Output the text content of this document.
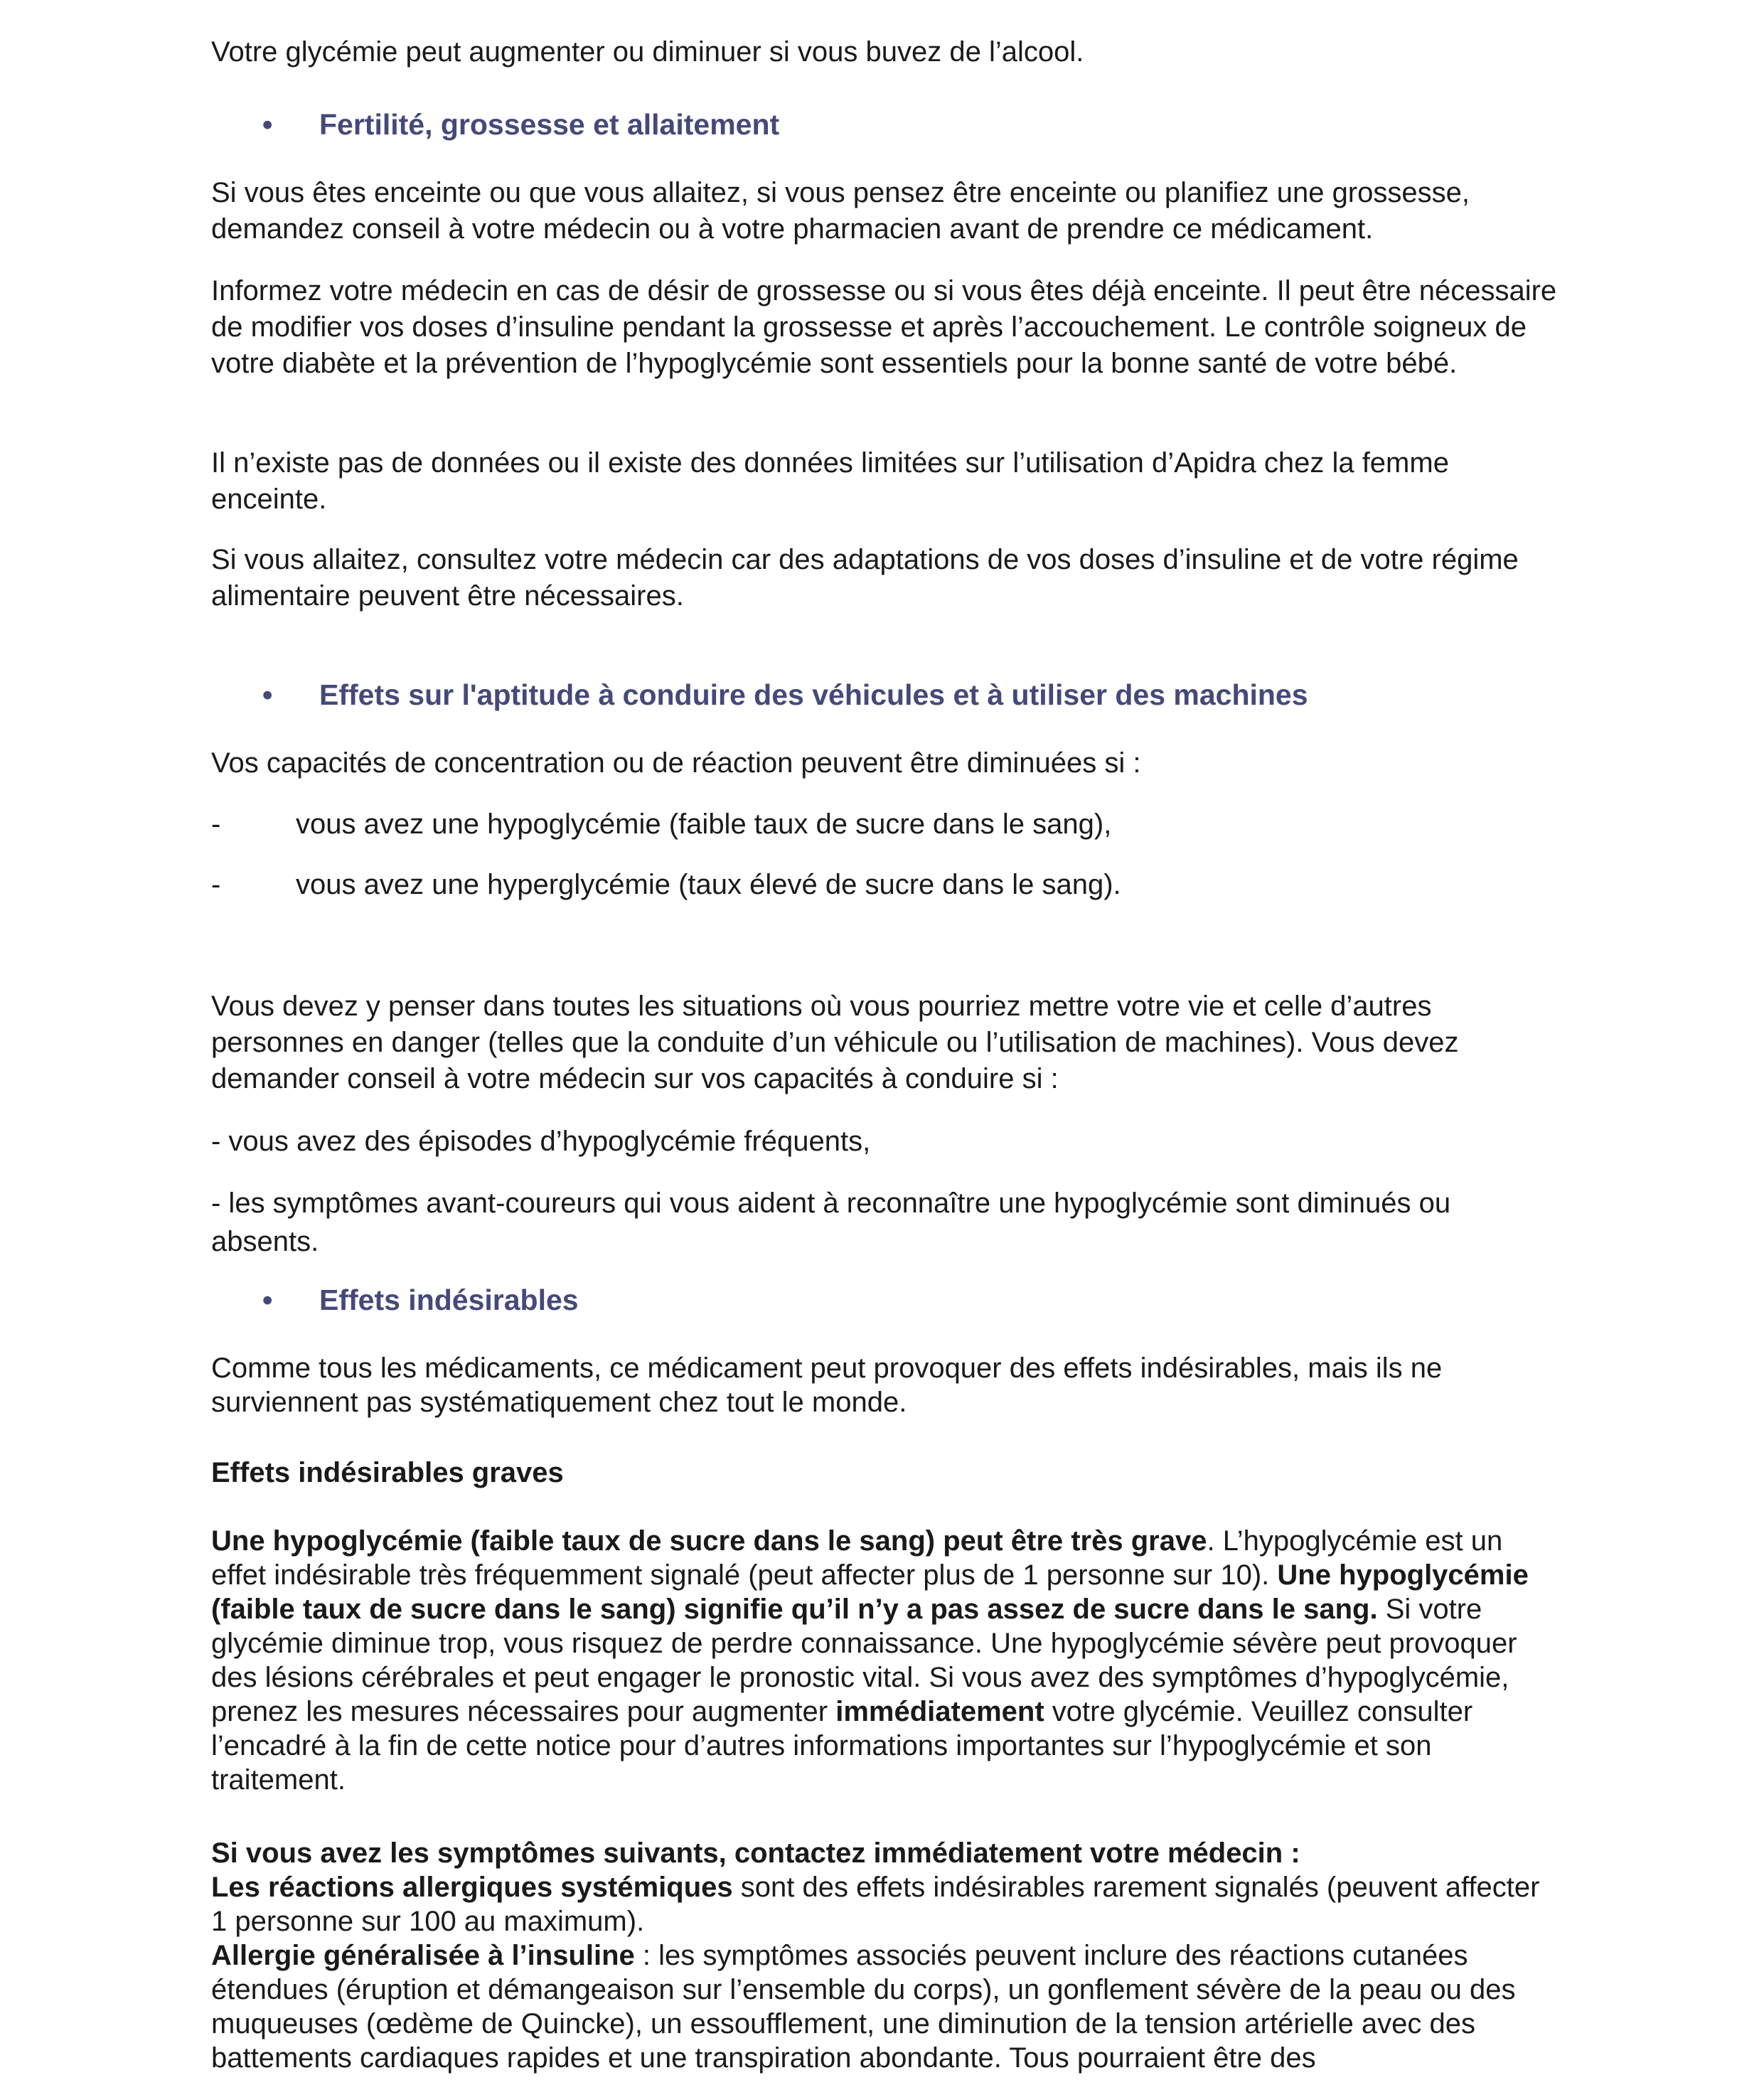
Votre glycémie peut augmenter ou diminuer si vous buvez de l’alcool.

• Fertilité, grossesse et allaitement

Si vous êtes enceinte ou que vous allaitez, si vous pensez être enceinte ou planifiez une grossesse, demandez conseil à votre médecin ou à votre pharmacien avant de prendre ce médicament.

Informez votre médecin en cas de désir de grossesse ou si vous êtes déjà enceinte. Il peut être nécessaire de modifier vos doses d’insuline pendant la grossesse et après l’accouchement. Le contrôle soigneux de votre diabète et la prévention de l’hypoglycémie sont essentiels pour la bonne santé de votre bébé.

Il n’existe pas de données ou il existe des données limitées sur l’utilisation d’Apidra chez la femme enceinte.

Si vous allaitez, consultez votre médecin car des adaptations de vos doses d’insuline et de votre régime alimentaire peuvent être nécessaires.

• Effets sur l'aptitude à conduire des véhicules et à utiliser des machines

Vos capacités de concentration ou de réaction peuvent être diminuées si :

-	vous avez une hypoglycémie (faible taux de sucre dans le sang),
-	vous avez une hyperglycémie (taux élevé de sucre dans le sang).

Vous devez y penser dans toutes les situations où vous pourriez mettre votre vie et celle d’autres personnes en danger (telles que la conduite d’un véhicule ou l’utilisation de machines). Vous devez demander conseil à votre médecin sur vos capacités à conduire si :

- vous avez des épisodes d’hypoglycémie fréquents,

- les symptômes avant-coureurs qui vous aident à reconnaître une hypoglycémie sont diminués ou absents.

• Effets indésirables

Comme tous les médicaments, ce médicament peut provoquer des effets indésirables, mais ils ne surviennent pas systématiquement chez tout le monde.

Effets indésirables graves

Une hypoglycémie (faible taux de sucre dans le sang) peut être très grave. L’hypoglycémie est un effet indésirable très fréquemment signalé (peut affecter plus de 1 personne sur 10). Une hypoglycémie (faible taux de sucre dans le sang) signifie qu’il n’y a pas assez de sucre dans le sang. Si votre glycémie diminue trop, vous risquez de perdre connaissance. Une hypoglycémie sévère peut provoquer des lésions cérébrales et peut engager le pronostic vital. Si vous avez des symptômes d’hypoglycémie, prenez les mesures nécessaires pour augmenter immédiatement votre glycémie. Veuillez consulter l’encadré à la fin de cette notice pour d’autres informations importantes sur l’hypoglycémie et son traitement.

Si vous avez les symptômes suivants, contactez immédiatement votre médecin :

Les réactions allergiques systémiques sont des effets indésirables rarement signalés (peuvent affecter 1 personne sur 100 au maximum).

Allergie généralisée à l’insuline : les symptômes associés peuvent inclure des réactions cutanées étendues (éruption et démangeaison sur l’ensemble du corps), un gonflement sévère de la peau ou des muqueuses (œdème de Quincke), un essoufflement, une diminution de la tension artérielle avec des battements cardiaques rapides et une transpiration abondante. Tous pourraient être des
